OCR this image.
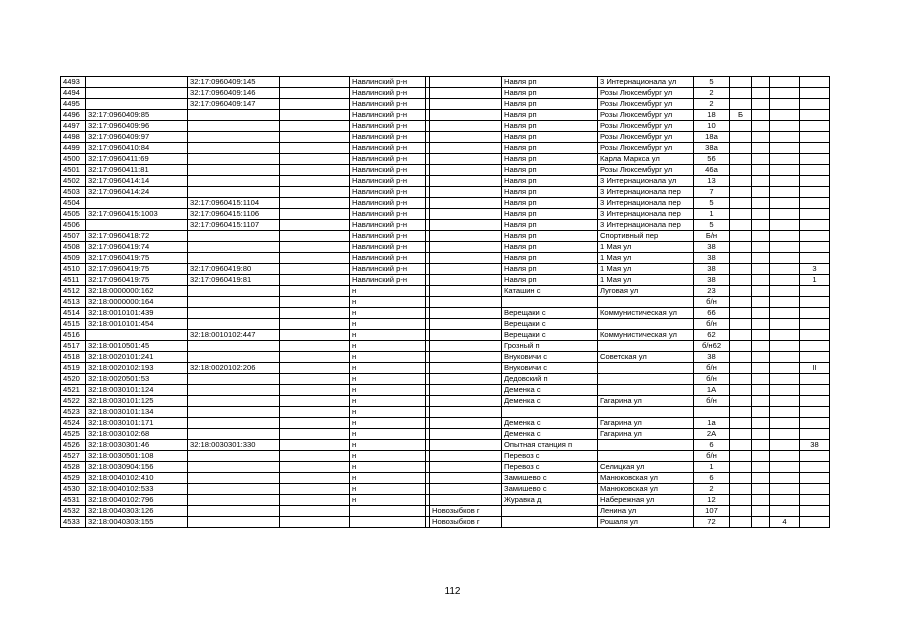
4493		32:17:0960409:145		Навлинский р-н			Навля рп	3 Интернационала ул	5				
4494		32:17:0960409:146		Навлинский р-н			Навля рп	Розы Люксембург ул	2				
4495		32:17:0960409:147		Навлинский р-н			Навля рп	Розы Люксембург ул	2				
4496	32:17:0960409:85			Навлинский р-н			Навля рп	Розы Люксембург ул	18	Б			
4497	32:17:0960409:96			Навлинский р-н			Навля рп	Розы Люксембург ул	10				
4498	32:17:0960409:97			Навлинский р-н			Навля рп	Розы Люксембург ул	18а				
4499	32:17:0960410:84			Навлинский р-н			Навля рп	Розы Люксембург ул	38а				
4500	32:17:0960411:69			Навлинский р-н			Навля рп	Карла Маркса ул	56				
4501	32:17:0960411:81			Навлинский р-н			Навля рп	Розы Люксембург ул	46а				
4502	32:17:0960414:14			Навлинский р-н			Навля рп	3 Интернационала ул	13				
4503	32:17:0960414:24			Навлинский р-н			Навля рп	3 Интернационала пер	7				
4504		32:17:0960415:1104		Навлинский р-н			Навля рп	3 Интернационала пер	5				
4505	32:17:0960415:1003	32:17:0960415:1106		Навлинский р-н			Навля рп	3 Интернационала пер	1				
4506		32:17:0960415:1107		Навлинский р-н			Навля рп	3 Интернационала пер	5				
4507	32:17:0960418:72			Навлинский р-н			Навля рп	Спортивный пер	Б/н				
4508	32:17:0960419:74			Навлинский р-н			Навля рп	1 Мая ул	38				
4509	32:17:0960419:75			Навлинский р-н			Навля рп	1 Мая ул	38				
4510	32:17:0960419:75	32:17:0960419:80		Навлинский р-н			Навля рп	1 Мая ул	38				3
4511	32:17:0960419:75	32:17:0960419:81		Навлинский р-н			Навля рп	1 Мая ул	38				1
4512	32:18:0000000:162			н			Каташин с	Луговая ул	23				
4513	32:18:0000000:164			н					б/н				
4514	32:18:0010101:439			н			Верещаки с	Коммунистическая ул	66				
4515	32:18:0010101:454			н			Верещаки с		б/н				
4516		32:18:0010102:447		н			Верещаки с	Коммунистическая ул	62				
4517	32:18:0010501:45			н			Грозный п		б/н62				
4518	32:18:0020101:241			н			Внуковичи с	Советская ул	38				
4519	32:18:0020102:193	32:18:0020102:206		н			Внуковичи с		б/н				II
4520	32:18:0020501:53			н			Дедовский п		б/н				
4521	32:18:0030101:124			н			Деменка с		1А				
4522	32:18:0030101:125			н			Деменка с	Гагарина ул	б/н				
4523	32:18:0030101:134			н									
4524	32:18:0030101:171			н			Деменка с	Гагарина ул	1а				
4525	32:18:0030102:68			н			Деменка с	Гагарина ул	2А				
4526	32:18:0030301:46	32:18:0030301:330		н			Опытная станция п		6				38
4527	32:18:0030501:108			н			Перевоз с		б/н				
4528	32:18:0030904:156			н			Перевоз с	Селицкая ул	1				
4529	32:18:0040102:410			н			Замишево с	Манюковская ул	6				
4530	32:18:0040102:533			н			Замишево с	Манюковская ул	2				
4531	32:18:0040102:796			н			Журавка д	Набережная ул	12				
4532	32:18:0040303:126					Новозыбков г		Ленина ул	107				
4533	32:18:0040303:155					Новозыбков г		Рошаля ул	72			4	
112
